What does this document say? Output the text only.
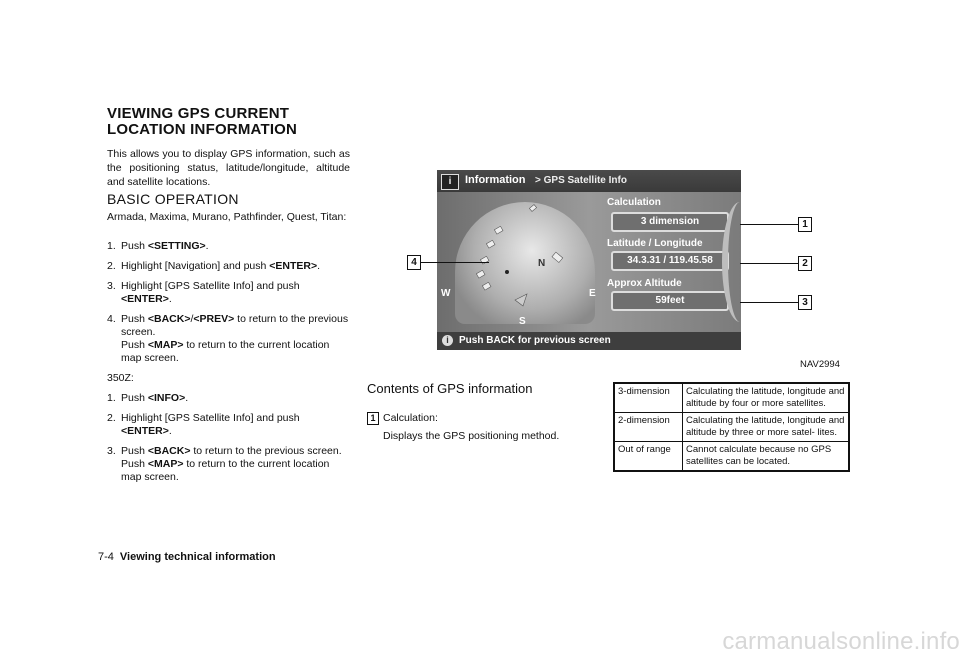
VIEWING GPS CURRENT LOCATION INFORMATION
This allows you to display GPS information, such as the positioning status, latitude/longitude, altitude and satellite locations.
BASIC OPERATION
Armada, Maxima, Murano, Pathfinder, Quest, Titan:
1. Push <SETTING>.
2. Highlight [Navigation] and push <ENTER>.
3. Highlight [GPS Satellite Info] and push <ENTER>.
4. Push <BACK>/<PREV> to return to the previous screen.
Push <MAP> to return to the current location map screen.
350Z:
1. Push <INFO>.
2. Highlight [GPS Satellite Info] and push <ENTER>.
3. Push <BACK> to return to the previous screen.
Push <MAP> to return to the current location map screen.
i	Information > GPS Satellite Info
N
W	E
S
Calculation
3 dimension
Latitude / Longitude
34.3.31 / 119.45.58
Approx Altitude
59feet
i	Push BACK for previous screen
1
2
3
4
NAV2994
Contents of GPS information
1 Calculation:
Displays the GPS positioning method.
3-dimension	Calculating the latitude, longitude and altitude by four or more satellites.
2-dimension	Calculating the latitude, longitude and altitude by three or more satel- lites.
Out of range	Cannot calculate because no GPS satellites can be located.
7-4 Viewing technical information
carmanualsonline.info
